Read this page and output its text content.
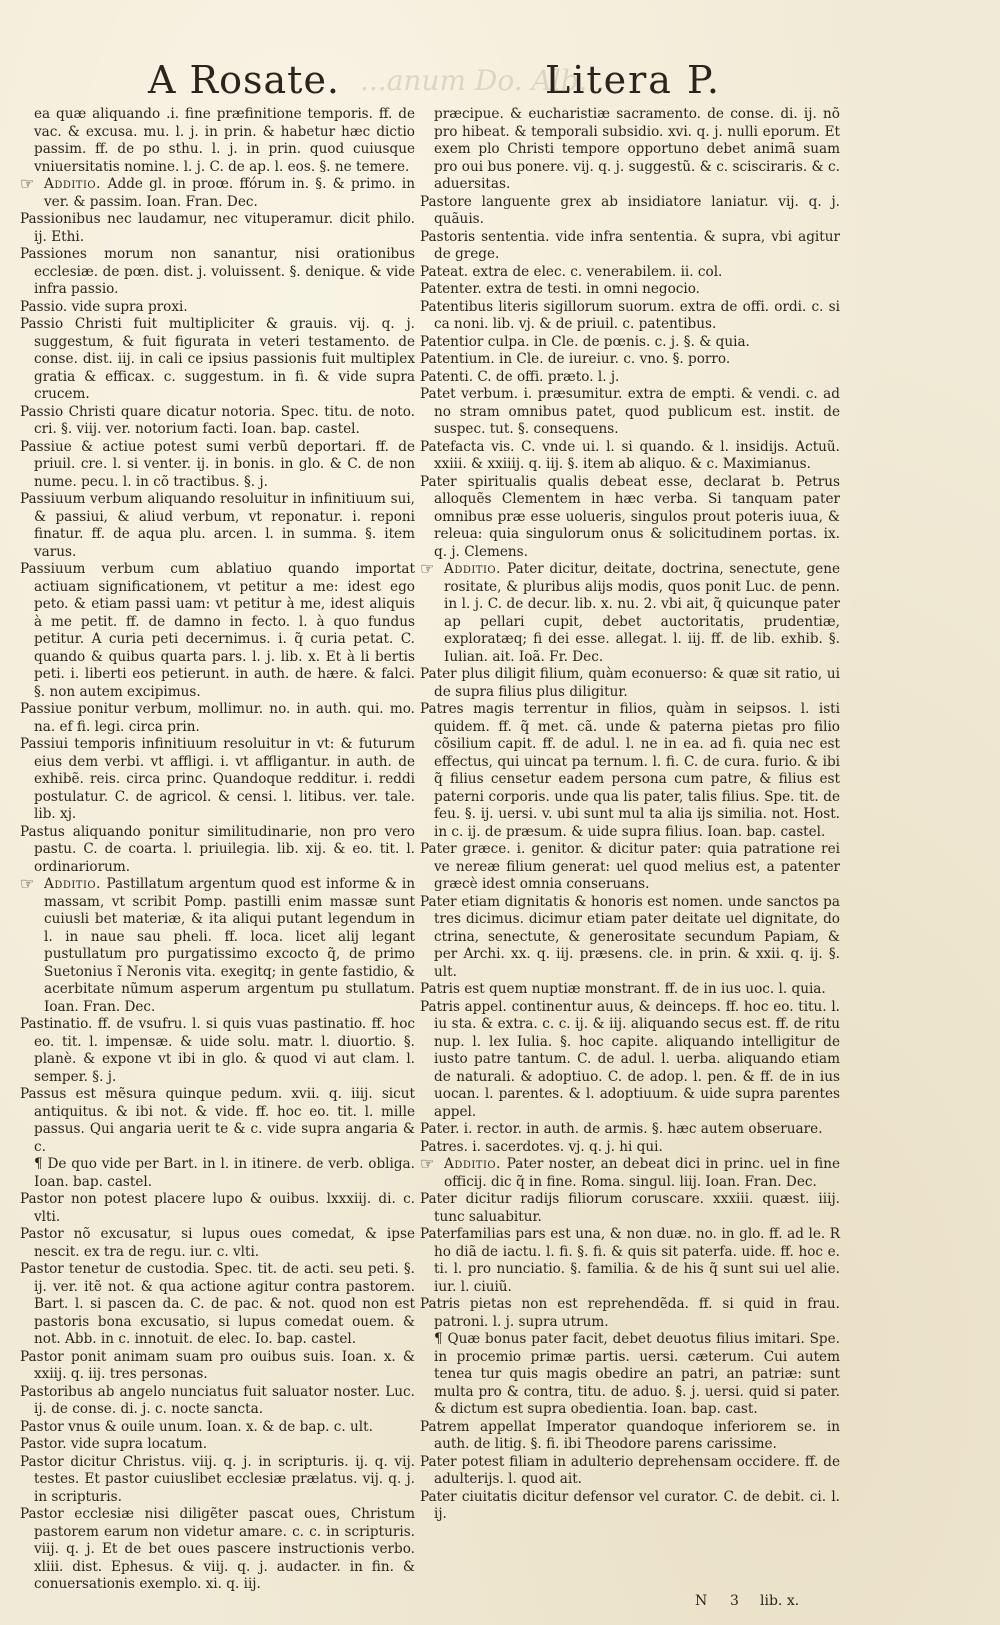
A Rosate. ...anum Do. Alb...
Litera P.
ea quæ aliquando .i. fine præfinitione temporis. ff. de vac. & excusa. mu. l. j. in prin. & habetur hæc dictio passim. ff. de po sthu. l. j. in prin. quod cuiusque vniuersitatis nomine. l. j. C. de ap. l. eos. §. ne temere.
☞ Additio. Adde gl. in proœ. ffórum in. §. & primo. in ver. & passim. Ioan. Fran. Dec.
Passionibus nec laudamur, nec vituperamur. dicit philo. ij. Ethi.
Passiones morum non sanantur, nisi orationibus ecclesiæ. de pœn. dist. j. voluissent. §. denique. & vide infra passio.
Passio. vide supra proxi.
Passio Christi fuit multipliciter & grauis. vij. q. j. suggestum, & fuit figurata in veteri testamento. de conse. dist. iij. in cali ce ipsius passionis fuit multiplex gratia & efficax. c. suggestum. in fi. & vide supra crucem.
Passio Christi quare dicatur notoria. Spec. titu. de noto. cri. §. viij. ver. notorium facti. Ioan. bap. castel.
Passiue & actiue potest sumi verbũ deportari. ff. de priuil. cre. l. si venter. ij. in bonis. in glo. & C. de non nume. pecu. l. in cõ tractibus. §. j.
Passiuum verbum aliquando resoluitur in infinitiuum sui, & passiui, & aliud verbum, vt reponatur. i. reponi finatur. ff. de aqua plu. arcen. l. in summa. §. item varus.
Passiuum verbum cum ablatiuo quando importat actiuam significationem, vt petitur a me: idest ego peto. & etiam passi uam: vt petitur à me, idest aliquis à me petit. ff. de damno in fecto. l. à quo fundus petitur. A curia peti decernimus. i. q̃ curia petat. C. quando & quibus quarta pars. l. j. lib. x. Et à li bertis peti. i. liberti eos petierunt. in auth. de hære. & falci. §. non autem excipimus.
Passiue ponitur verbum, mollimur. no. in auth. qui. mo. na. ef fi. legi. circa prin.
Passiui temporis infinitiuum resoluitur in vt: & futurum eius dem verbi. vt affligi. i. vt affligantur. in auth. de exhibẽ. reis. circa princ. Quandoque redditur. i. reddi postulatur. C. de agricol. & censi. l. litibus. ver. tale. lib. xj.
Pastus aliquando ponitur similitudinarie, non pro vero pastu. C. de coarta. l. priuilegia. lib. xij. & eo. tit. l. ordinariorum.
☞ Additio. Pastillatum argentum quod est informe & in massam, vt scribit Pomp. pastilli enim massæ sunt cuiusli bet materiæ, & ita aliqui putant legendum in l. in naue sau pheli. ff. loca. licet alij legant pustullatum pro purgatissimo excocto q̃, de primo Suetonius ĩ Neronis vita. exegitq; in gente fastidio, & acerbitate nũmum asperum argentum pu stullatum. Ioan. Fran. Dec.
Pastinatio. ff. de vsufru. l. si quis vuas pastinatio. ff. hoc eo. tit. l. impensæ. & uide solu. matr. l. diuortio. §. planè. & expone vt ibi in glo. & quod vi aut clam. l. semper. §. j.
Passus est mẽsura quinque pedum. xvii. q. iiij. sicut antiquitus. & ibi not. & vide. ff. hoc eo. tit. l. mille passus. Qui angaria uerit te & c. vide supra angaria & c.
¶ De quo vide per Bart. in l. in itinere. de verb. obliga. Ioan. bap. castel.
Pastor non potest placere lupo & ouibus. lxxxiij. di. c. vlti.
Pastor nõ excusatur, si lupus oues comedat, & ipse nescit. ex tra de regu. iur. c. vlti.
Pastor tenetur de custodia. Spec. tit. de acti. seu peti. §. ij. ver. itẽ not. & qua actione agitur contra pastorem. Bart. l. si pascen da. C. de pac. & not. quod non est pastoris bona excusatio, si lupus comedat ouem. & not. Abb. in c. innotuit. de elec. Io. bap. castel.
Pastor ponit animam suam pro ouibus suis. Ioan. x. & xxiij. q. iij. tres personas.
Pastoribus ab angelo nunciatus fuit saluator noster. Luc. ij. de conse. di. j. c. nocte sancta.
Pastor vnus & ouile unum. Ioan. x. & de bap. c. ult.
Pastor. vide supra locatum.
Pastor dicitur Christus. viij. q. j. in scripturis. ij. q. vij. testes. Et pastor cuiuslibet ecclesiæ prælatus. vij. q. j. in scripturis.
Pastor ecclesiæ nisi diligẽter pascat oues, Christum pastorem earum non videtur amare. c. c. in scripturis. viij. q. j. Et de bet oues pascere instructionis verbo. xliii. dist. Ephesus. & viij. q. j. audacter. in fin. & conuersationis exemplo. xi. q. iij.
præcipue. & eucharistiæ sacramento. de conse. di. ij. nõ pro hibeat. & temporali subsidio. xvi. q. j. nulli eporum. Et exem plo Christi tempore opportuno debet animã suam pro oui bus ponere. vij. q. j. suggestũ. & c. scisciraris. & c. aduersitas.
Pastore languente grex ab insidiatore laniatur. vij. q. j. quãuis.
Pastoris sententia. vide infra sententia. & supra, vbi agitur de grege.
Pateat. extra de elec. c. venerabilem. ii. col.
Patenter. extra de testi. in omni negocio.
Patentibus literis sigillorum suorum. extra de offi. ordi. c. si ca noni. lib. vj. & de priuil. c. patentibus.
Patentior culpa. in Cle. de pœnis. c. j. §. & quia.
Patentium. in Cle. de iureiur. c. vno. §. porro.
Patenti. C. de offi. præto. l. j.
Patet verbum. i. præsumitur. extra de empti. & vendi. c. ad no stram omnibus patet, quod publicum est. instit. de suspec. tut. §. consequens.
Patefacta vis. C. vnde ui. l. si quando. & l. insidijs. Actuũ. xxiii. & xxiiij. q. iij. §. item ab aliquo. & c. Maximianus.
Pater spiritualis qualis debeat esse, declarat b. Petrus alloquẽs Clementem in hæc verba. Si tanquam pater omnibus præ esse uolueris, singulos prout poteris iuua, & releua: quia singulorum onus & solicitudinem portas. ix. q. j. Clemens.
☞ Additio. Pater dicitur, deitate, doctrina, senectute, gene rositate, & pluribus alijs modis, quos ponit Luc. de penn. in l. j. C. de decur. lib. x. nu. 2. vbi ait, q̃ quicunque pater ap pellari cupit, debet auctoritatis, prudentiæ, exploratæq; fi dei esse. allegat. l. iij. ff. de lib. exhib. §. Iulian. ait. Ioã. Fr. Dec.
Pater plus diligit filium, quàm econuerso: & quæ sit ratio, ui de supra filius plus diligitur.
Patres magis terrentur in filios, quàm in seipsos. l. isti quidem. ff. q̃ met. cã. unde & paterna pietas pro filio cõsilium capit. ff. de adul. l. ne in ea. ad fi. quia nec est effectus, qui uincat pa ternum. l. fi. C. de cura. furio. & ibi q̃ filius censetur eadem persona cum patre, & filius est paterni corporis. unde qua lis pater, talis filius. Spe. tit. de feu. §. ij. uersi. v. ubi sunt mul ta alia ijs similia. not. Host. in c. ij. de præsum. & uide supra filius. Ioan. bap. castel.
Pater græce. i. genitor. & dicitur pater: quia patratione rei ve nereæ filium generat: uel quod melius est, a patenter græcè idest omnia conseruans.
Pater etiam dignitatis & honoris est nomen. unde sanctos pa tres dicimus. dicimur etiam pater deitate uel dignitate, do ctrina, senectute, & generositate secundum Papiam, & per Archi. xx. q. iij. præsens. cle. in prin. & xxii. q. ij. §. ult.
Patris est quem nuptiæ monstrant. ff. de in ius uoc. l. quia.
Patris appel. continentur auus, & deinceps. ff. hoc eo. titu. l. iu sta. & extra. c. c. ij. & iij. aliquando secus est. ff. de ritu nup. l. lex Iulia. §. hoc capite. aliquando intelligitur de iusto patre tantum. C. de adul. l. uerba. aliquando etiam de naturali. & adoptiuo. C. de adop. l. pen. & ff. de in ius uocan. l. parentes. & l. adoptiuum. & uide supra parentes appel.
Pater. i. rector. in auth. de armis. §. hæc autem obseruare.
Patres. i. sacerdotes. vj. q. j. hi qui.
☞ Additio. Pater noster, an debeat dici in princ. uel in fine officij. dic q̃ in fine. Roma. singul. liij. Ioan. Fran. Dec.
Pater dicitur radijs filiorum coruscare. xxxiii. quæst. iiij. tunc saluabitur.
Paterfamilias pars est una, & non duæ. no. in glo. ff. ad le. R ho diã de iactu. l. fi. §. fi. & quis sit paterfa. uide. ff. hoc e. ti. l. pro nunciatio. §. familia. & de his q̃ sunt sui uel alie. iur. l. ciuiũ.
Patris pietas non est reprehendẽda. ff. si quid in frau. patroni. l. j. supra utrum.
¶ Quæ bonus pater facit, debet deuotus filius imitari. Spe. in procemio primæ partis. uersi. cæterum. Cui autem tenea tur quis magis obedire an patri, an patriæ: sunt multa pro & contra, titu. de aduo. §. j. uersi. quid si pater. & dictum est supra obedientia. Ioan. bap. cast.
Patrem appellat Imperator quandoque inferiorem se. in auth. de litig. §. fi. ibi Theodore parens carissime.
Pater potest filiam in adulterio deprehensam occidere. ff. de adulterijs. l. quod ait.
Pater ciuitatis dicitur defensor vel curator. C. de debit. ci. l. ij.
N 3 lib. x.
